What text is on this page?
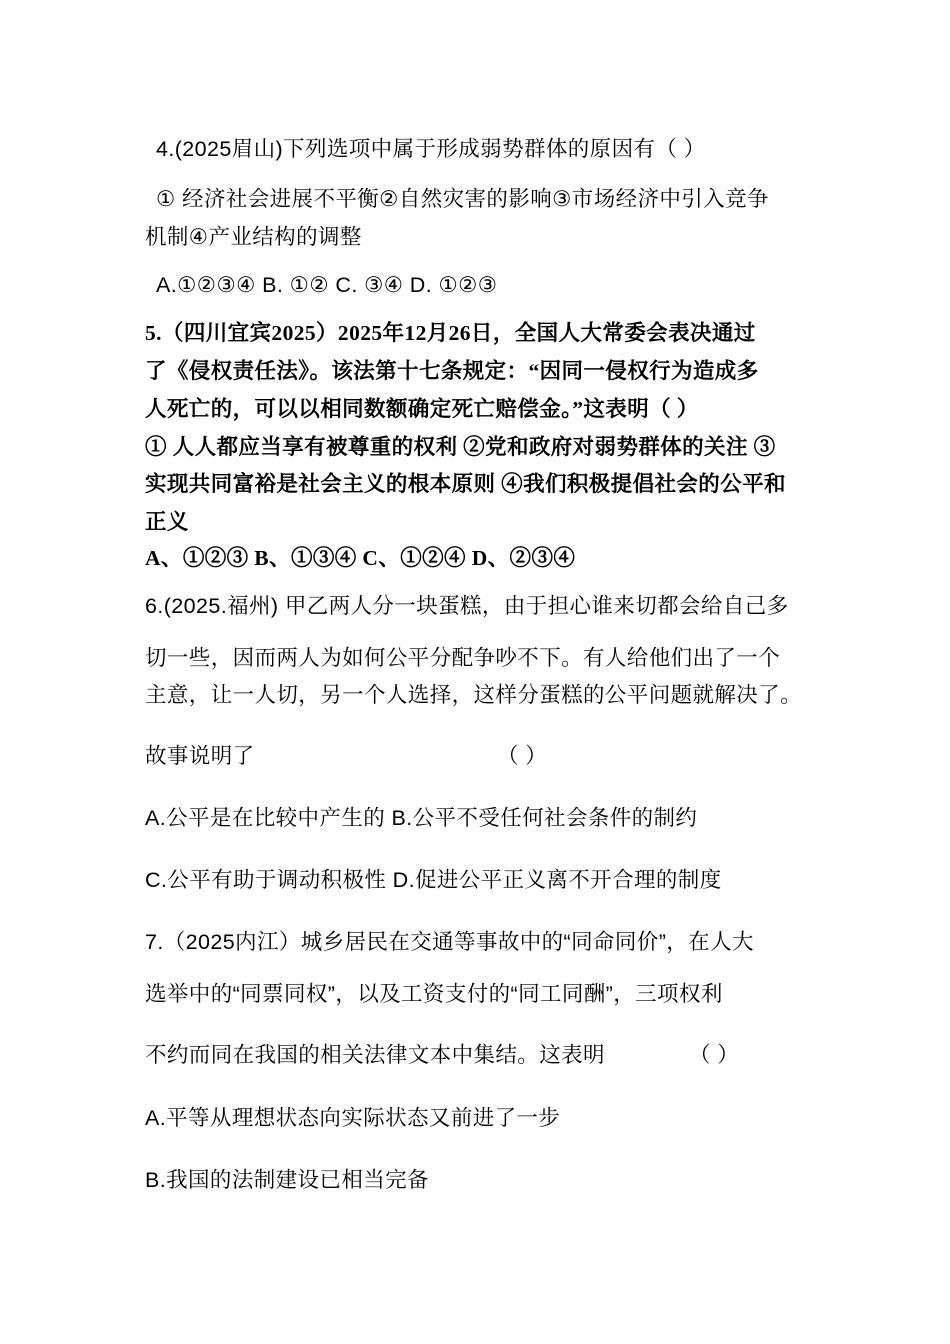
4.(2025眉山)下列选项中属于形成弱势群体的原因有（ ）
① 经济社会进展不平衡②自然灾害的影响③市场经济中引入竞争
机制④产业结构的调整
A.①②③④ B. ①② C. ③④ D. ①②③
5.（四川宜宾2025）2025年12月26日，全国人大常委会表决通过
了《侵权责任法》。该法第十七条规定：“因同一侵权行为造成多
人死亡的，可以以相同数额确定死亡赔偿金。”这表明（ ）
① 人人都应当享有被尊重的权利 ②党和政府对弱势群体的关注 ③
实现共同富裕是社会主义的根本原则 ④我们积极提倡社会的公平和
正义
A、①②③ B、①③④ C、①②④ D、②③④
6.(2025.福州) 甲乙两人分一块蛋糕，由于担心谁来切都会给自己多
切一些，因而两人为如何公平分配争吵不下。有人给他们出了一个
主意，让一人切，另一个人选择，这样分蛋糕的公平问题就解决了。
故事说明了	（ ）
A.公平是在比较中产生的 B.公平不受任何社会条件的制约
C.公平有助于调动积极性 D.促进公平正义离不开合理的制度
7.（2025内江）城乡居民在交通等事故中的“同命同价”，在人大
选举中的“同票同权”，以及工资支付的“同工同酬”，三项权利
不约而同在我国的相关法律文本中集结。这表明	（ ）
A.平等从理想状态向实际状态又前进了一步
B.我国的法制建设已相当完备
